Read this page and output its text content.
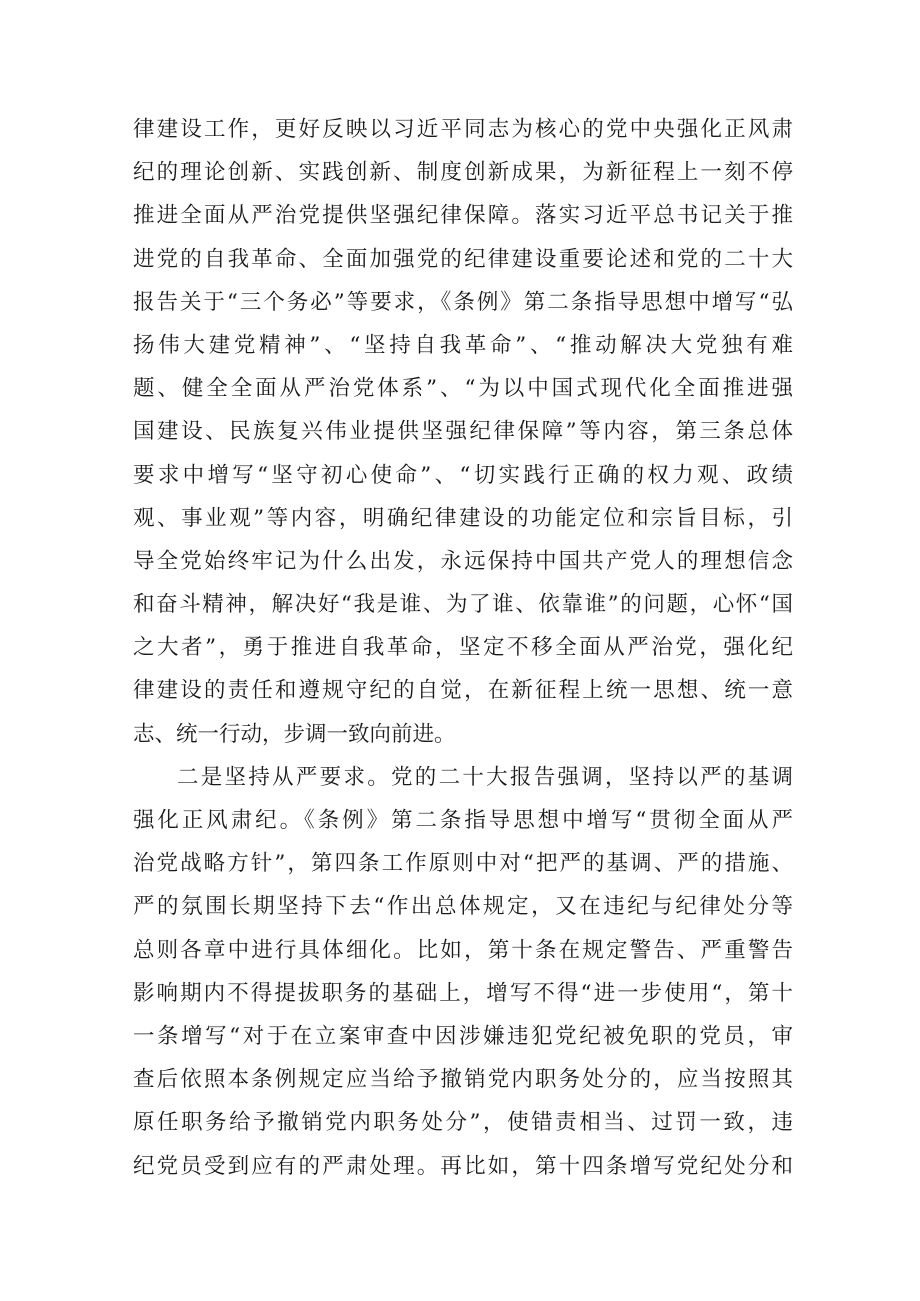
律建设工作，更好反映以习近平同志为核心的党中央强化正风肃
纪的理论创新、实践创新、制度创新成果，为新征程上一刻不停
推进全面从严治党提供坚强纪律保障。落实习近平总书记关于推
进党的自我革命、全面加强党的纪律建设重要论述和党的二十大
报告关于“三个务必”等要求，《条例》第二条指导思想中增写“弘
扬伟大建党精神”、“坚持自我革命”、“推动解决大党独有难
题、健全全面从严治党体系”、“为以中国式现代化全面推进强
国建设、民族复兴伟业提供坚强纪律保障”等内容，第三条总体
要求中增写“坚守初心使命”、“切实践行正确的权力观、政绩
观、事业观”等内容，明确纪律建设的功能定位和宗旨目标，引
导全党始终牢记为什么出发，永远保持中国共产党人的理想信念
和奋斗精神，解决好“我是谁、为了谁、依靠谁”的问题，心怀“国
之大者”，勇于推进自我革命，坚定不移全面从严治党，强化纪
律建设的责任和遵规守纪的自觉，在新征程上统一思想、统一意
志、统一行动，步调一致向前进。
二是坚持从严要求。党的二十大报告强调，坚持以严的基调
强化正风肃纪。《条例》第二条指导思想中增写“贯彻全面从严
治党战略方针”，第四条工作原则中对“把严的基调、严的措施、
严的氛围长期坚持下去“作出总体规定，又在违纪与纪律处分等
总则各章中进行具体细化。比如，第十条在规定警告、严重警告
影响期内不得提拔职务的基础上，增写不得“进一步使用“，第十
一条增写“对于在立案审查中因涉嫌违犯党纪被免职的党员，审
查后依照本条例规定应当给予撤销党内职务处分的，应当按照其
原任职务给予撤销党内职务处分”，使错责相当、过罚一致，违
纪党员受到应有的严肃处理。再比如，第十四条增写党纪处分和
